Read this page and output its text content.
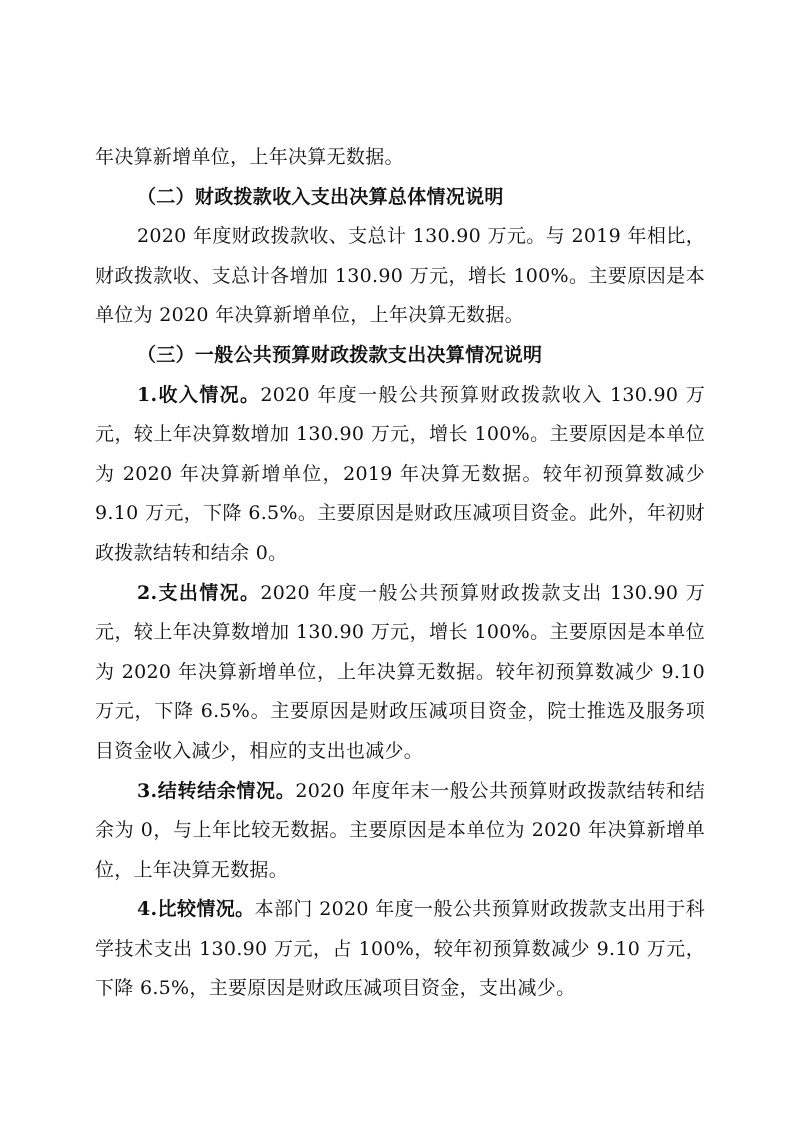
年决算新增单位，上年决算无数据。

（二）财政拨款收入支出决算总体情况说明

2020 年度财政拨款收、支总计 130.90 万元。与 2019 年相比，财政拨款收、支总计各增加 130.90 万元，增长 100%。主要原因是本单位为 2020 年决算新增单位，上年决算无数据。

（三）一般公共预算财政拨款支出决算情况说明

1.收入情况。2020 年度一般公共预算财政拨款收入 130.90 万元，较上年决算数增加 130.90 万元，增长 100%。主要原因是本单位为 2020 年决算新增单位，2019 年决算无数据。较年初预算数减少 9.10 万元，下降 6.5%。主要原因是财政压减项目资金。此外，年初财政拨款结转和结余 0。

2.支出情况。2020 年度一般公共预算财政拨款支出 130.90 万元，较上年决算数增加 130.90 万元，增长 100%。主要原因是本单位为 2020 年决算新增单位，上年决算无数据。较年初预算数减少 9.10 万元，下降 6.5%。主要原因是财政压减项目资金，院士推选及服务项目资金收入减少，相应的支出也减少。

3.结转结余情况。2020 年度年末一般公共预算财政拨款结转和结余为 0，与上年比较无数据。主要原因是本单位为 2020 年决算新增单位，上年决算无数据。

4.比较情况。本部门 2020 年度一般公共预算财政拨款支出用于科学技术支出 130.90 万元，占 100%，较年初预算数减少 9.10 万元，下降 6.5%，主要原因是财政压减项目资金，支出减少。
